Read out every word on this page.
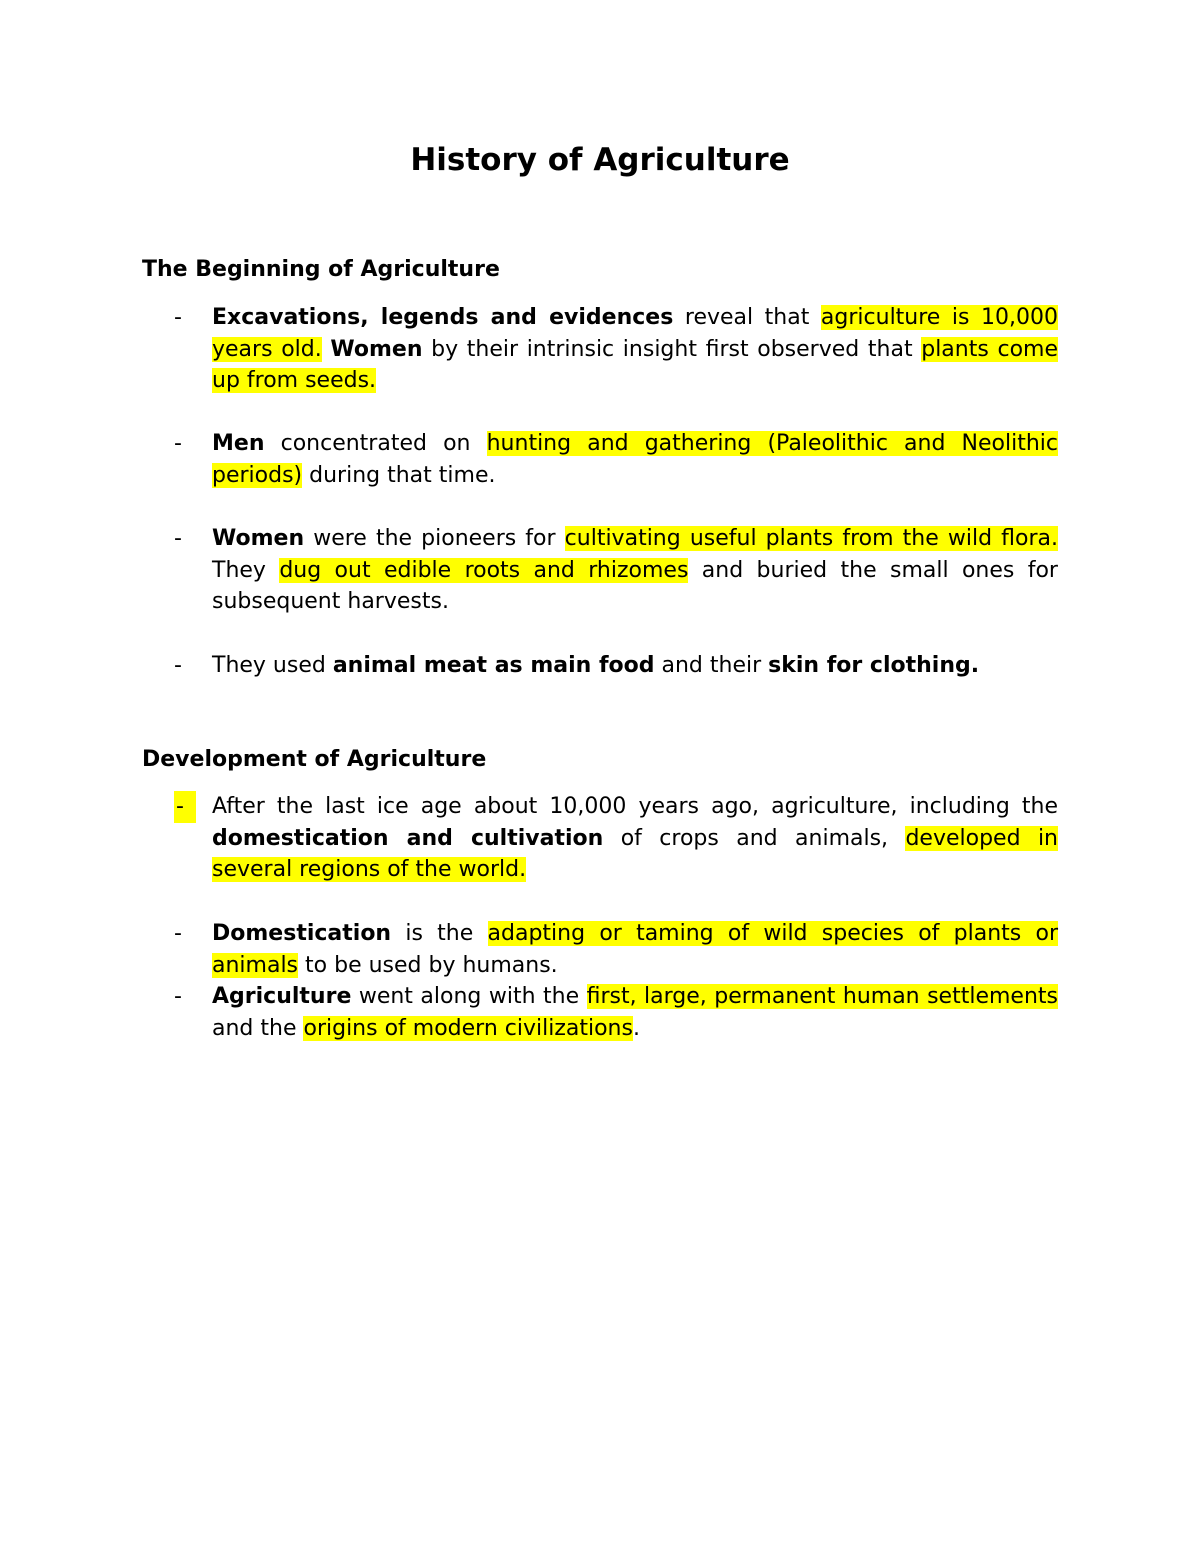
History of Agriculture
The Beginning of Agriculture
- Excavations, legends and evidences reveal that agriculture is 10,000 years old. Women by their intrinsic insight first observed that plants come up from seeds.
- Men concentrated on hunting and gathering (Paleolithic and Neolithic periods) during that time.
- Women were the pioneers for cultivating useful plants from the wild flora. They dug out edible roots and rhizomes and buried the small ones for subsequent harvests.
- They used animal meat as main food and their skin for clothing.
Development of Agriculture
-	After the last ice age about 10,000 years ago, agriculture, including the domestication and cultivation of crops and animals, developed in several regions of the world.
- Domestication is the adapting or taming of wild species of plants or animals to be used by humans.
- Agriculture went along with the first, large, permanent human settlements and the origins of modern civilizations.
